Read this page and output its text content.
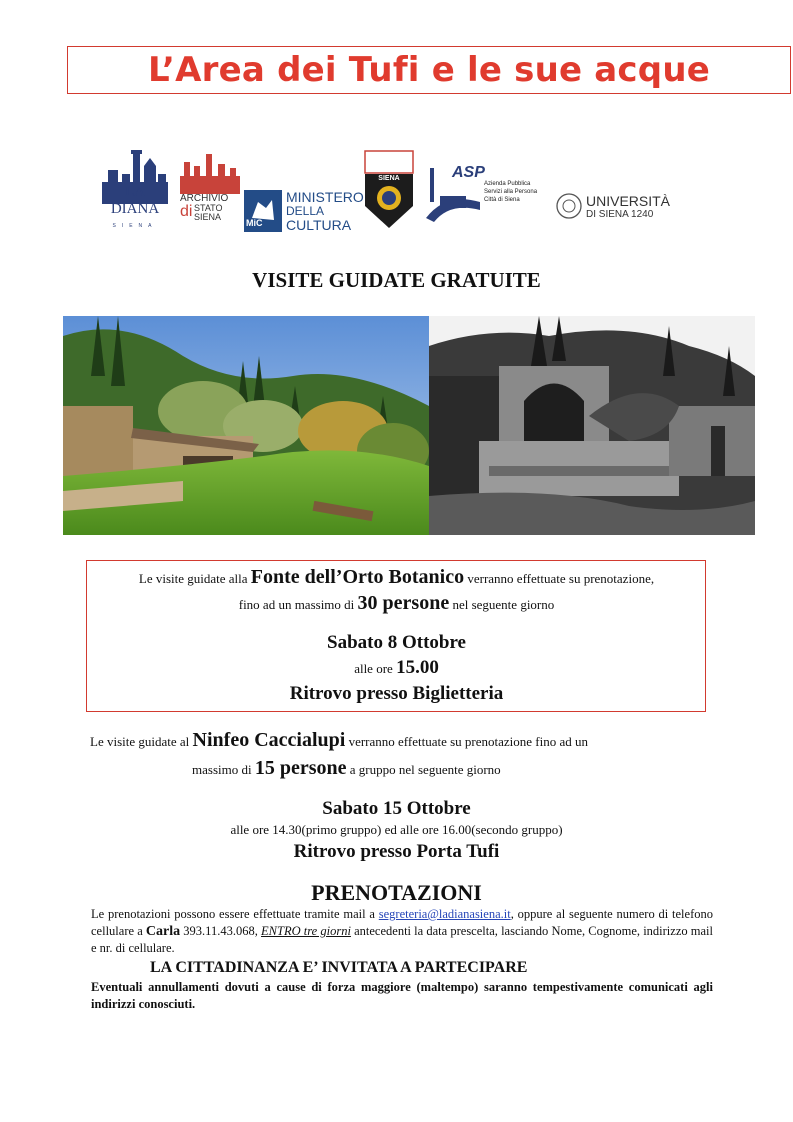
L’Area dei Tufi e le sue acque
LA DIANA
SIENA
ARCHIVIO
di STATO
SIENA
MiC
MINISTERO
DELLA
CULTURA
SIENA	ASP
Azienda Pubblica
Servizi alla Persona
Città di Siena	UNIVERSITÀ
DI SIENA 1240
VISITE GUIDATE GRATUITE
Le visite guidate alla Fonte dell’Orto Botanico verranno effettuate su prenotazione,
fino ad un massimo di 30 persone nel seguente giorno
Sabato 8 Ottobre
alle ore 15.00
Ritrovo presso Biglietteria
Le visite guidate al Ninfeo Caccialupi verranno effettuate su prenotazione fino ad un
massimo di 15 persone a gruppo nel seguente giorno
Sabato 15 Ottobre
alle ore 14.30(primo gruppo) ed alle ore 16.00(secondo gruppo)
Ritrovo presso Porta Tufi
PRENOTAZIONI
Le prenotazioni possono essere effettuate tramite mail a segreteria@ladianasiena.it, oppure al seguente numero di telefono cellulare a Carla 393.11.43.068, ENTRO tre giorni antecedenti la data prescelta, lasciando Nome, Cognome, indirizzo mail e nr. di cellulare.
LA CITTADINANZA E’ INVITATA A PARTECIPARE
Eventuali annullamenti dovuti a cause di forza maggiore (maltempo) saranno tempestivamente comunicati agli indirizzi conosciuti.
